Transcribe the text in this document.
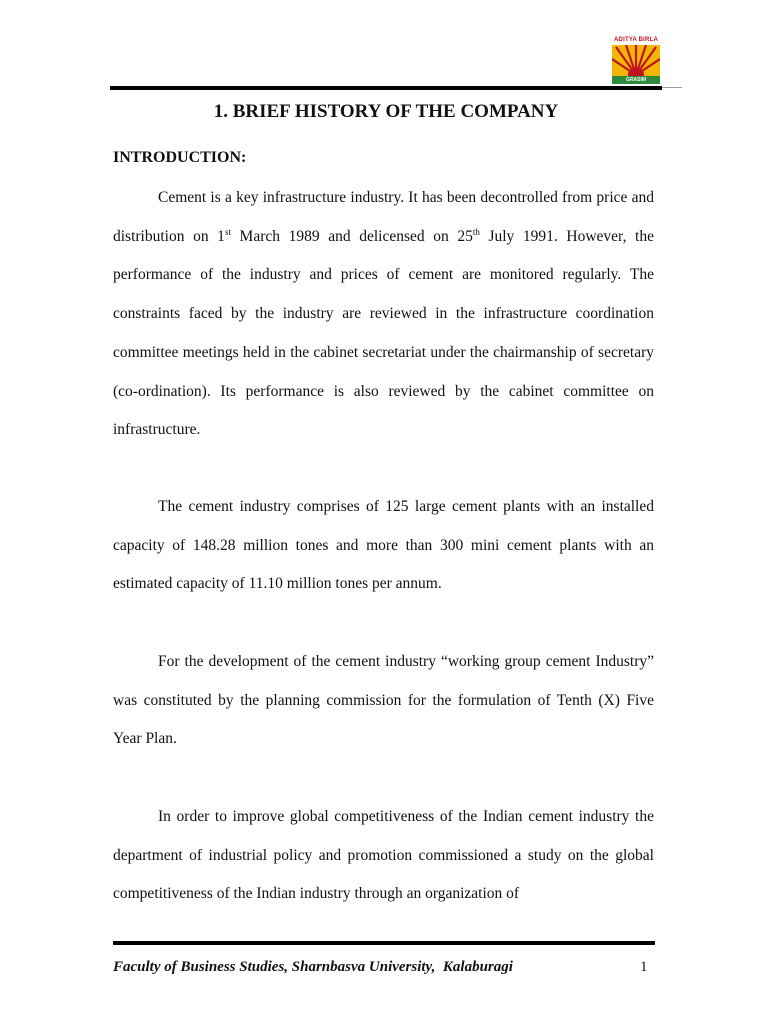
ADITYA BIRLA
GRASIM
1. BRIEF HISTORY OF THE COMPANY
INTRODUCTION:

Cement is a key infrastructure industry. It has been decontrolled from price and distribution on 1st March 1989 and delicensed on 25th July 1991. However, the performance of the industry and prices of cement are monitored regularly. The constraints faced by the industry are reviewed in the infrastructure coordination committee meetings held in the cabinet secretariat under the chairmanship of secretary (co-ordination). Its performance is also reviewed by the cabinet committee on infrastructure.

The cement industry comprises of 125 large cement plants with an installed capacity of 148.28 million tones and more than 300 mini cement plants with an estimated capacity of 11.10 million tones per annum.

For the development of the cement industry “working group cement Industry” was constituted by the planning commission for the formulation of Tenth (X) Five Year Plan.

In order to improve global competitiveness of the Indian cement industry the department of industrial policy and promotion commissioned a study on the global competitiveness of the Indian industry through an organization of

Faculty of Business Studies, Sharnbasva University,  Kalaburagi	1
